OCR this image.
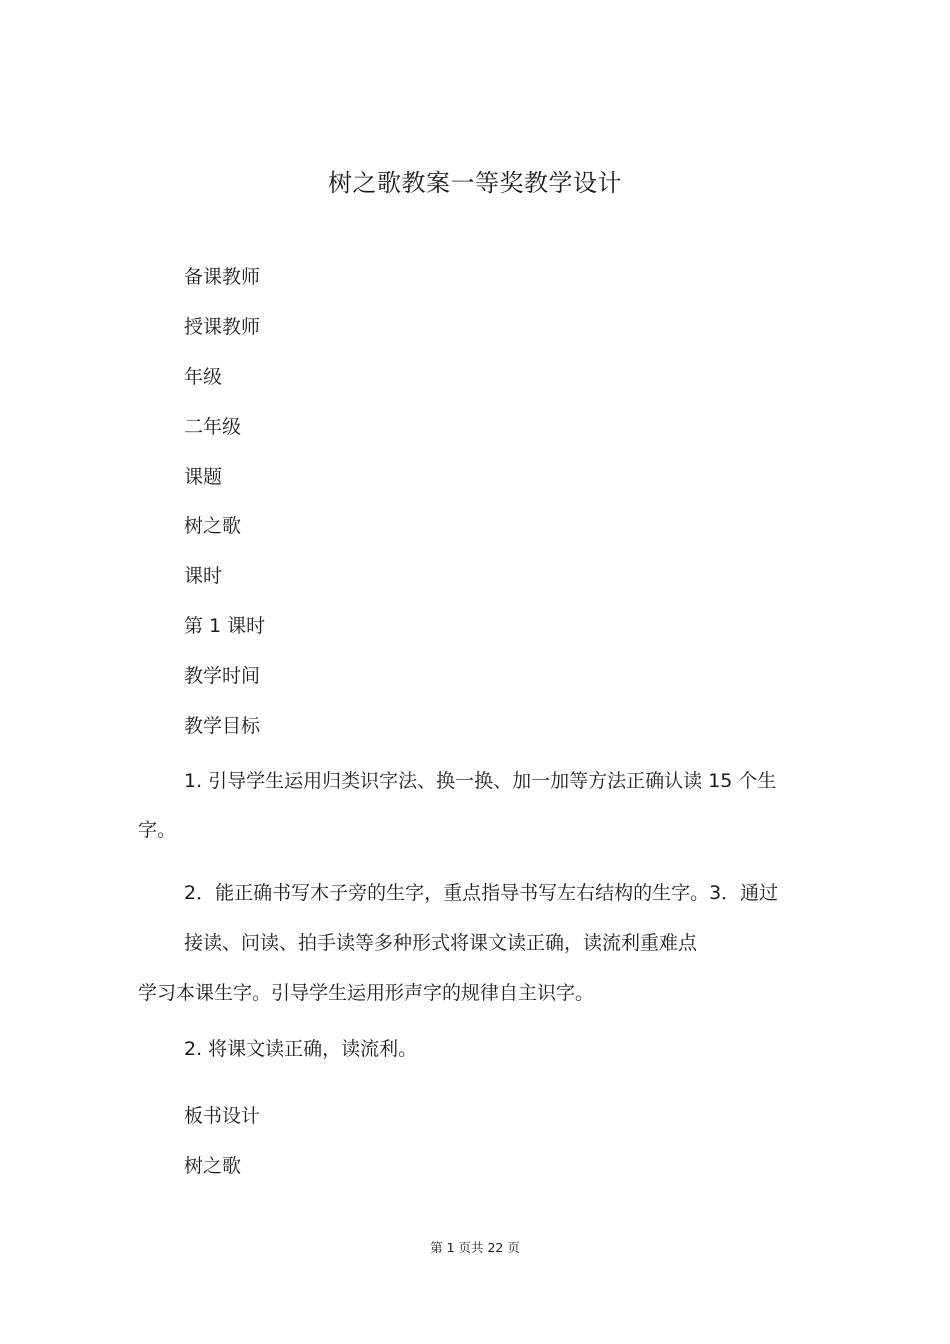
树之歌教案一等奖教学设计
备课教师
授课教师
年级
二年级
课题
树之歌
课时
第 1 课时
教学时间
教学目标
1. 引导学生运用归类识字法、换一换、加一加等方法正确认读 15 个生
字。
2．能正确书写木子旁的生字，重点指导书写左右结构的生字。3．通过
接读、问读、拍手读等多种形式将课文读正确，读流利重难点
学习本课生字。引导学生运用形声字的规律自主识字。
2. 将课文读正确，读流利。
板书设计
树之歌
第 1 页共 22 页
